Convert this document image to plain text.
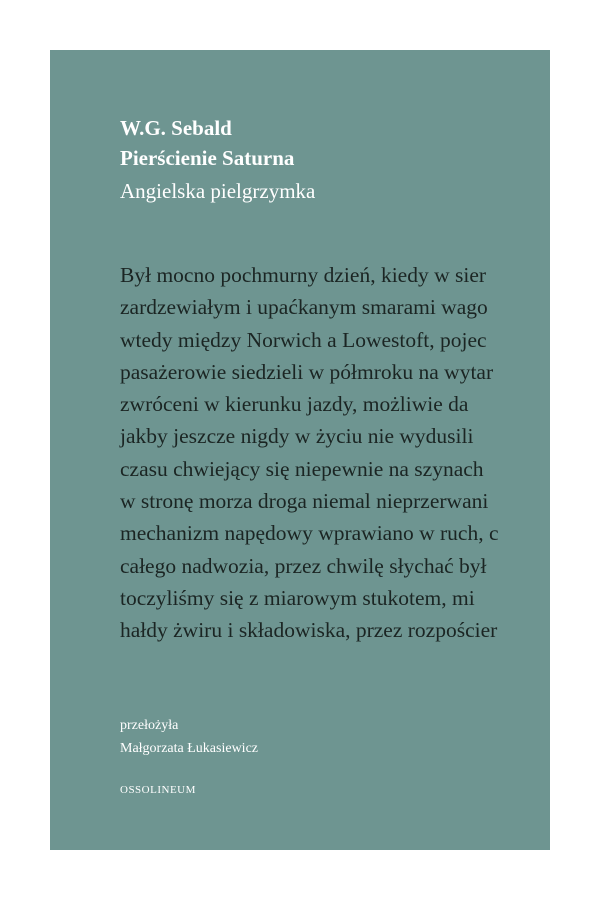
W.G. Sebald
Pierścienie Saturna
Angielska pielgrzymka
Był mocno pochmurny dzień, kiedy w sier
zardzewiałym i upaćkanym smarami wago
wtedy między Norwich a Lowestoft, pojec
pasażerowie siedzieli w półmroku na wytar
zwróceni w kierunku jazdy, możliwie da
jakby jeszcze nigdy w życiu nie wydusili
czasu chwiejący się niepewnie na szynach
w stronę morza droga niemal nieprzerwani
mechanizm napędowy wprawiano w ruch, c
całego nadwozia, przez chwilę słychać był
toczyliśmy się z miarowym stukotem, mi
hałdy żwiru i składowiska, przez rozpościer
przełożyła
Małgorzata Łukasiewicz
OSSOLINEUM
